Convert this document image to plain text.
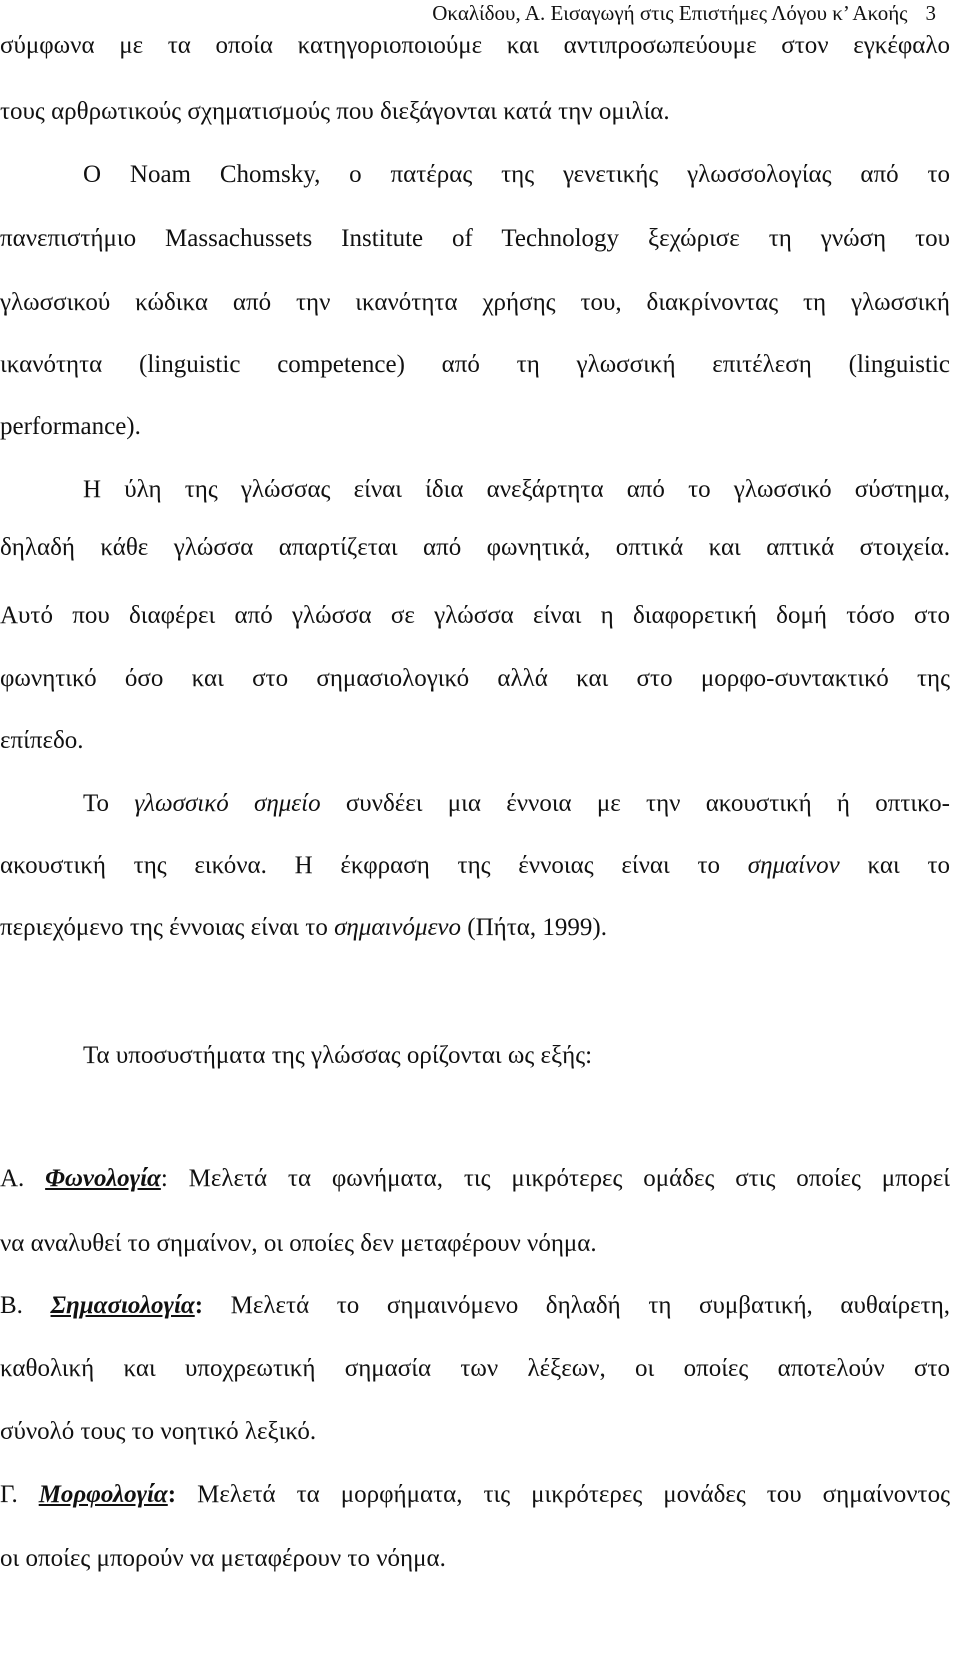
Οκαλίδου, Α. Εισαγωγή στις Επιστήμες Λόγου κ’ Ακοής 3
σύμφωνα με τα οποία κατηγοριοποιούμε και αντιπροσωπεύουμε στον εγκέφαλο
τους αρθρωτικούς σχηματισμούς που διεξάγονται κατά την ομιλία.
Ο Noam Chomsky, ο πατέρας της γενετικής γλωσσολογίας από το
πανεπιστήμιο Massachussets Institute of Technology ξεχώρισε τη γνώση του
γλωσσικού κώδικα από την ικανότητα χρήσης του, διακρίνοντας τη γλωσσική
ικανότητα (linguistic competence) από τη γλωσσική επιτέλεση (linguistic
performance).
Η ύλη της γλώσσας είναι ίδια ανεξάρτητα από το γλωσσικό σύστημα,
δηλαδή κάθε γλώσσα απαρτίζεται από φωνητικά, οπτικά και απτικά στοιχεία.
Αυτό που διαφέρει από γλώσσα σε γλώσσα είναι η διαφορετική δομή τόσο στο
φωνητικό όσο και στο σημασιολογικό αλλά και στο μορφο-συντακτικό της
επίπεδο.
Το γλωσσικό σημείο συνδέει μια έννοια με την ακουστική ή οπτικο-
ακουστική της εικόνα. Η έκφραση της έννοιας είναι το σημαίνον και το
περιεχόμενο της έννοιας είναι το σημαινόμενο (Πήτα, 1999).
Τα υποσυστήματα της γλώσσας ορίζονται ως εξής:
Α. Φωνολογία: Μελετά τα φωνήματα, τις μικρότερες ομάδες στις οποίες μπορεί
να αναλυθεί το σημαίνον, οι οποίες δεν μεταφέρουν νόημα.
Β. Σημασιολογία: Μελετά το σημαινόμενο δηλαδή τη συμβατική, αυθαίρετη,
καθολική και υποχρεωτική σημασία των λέξεων, οι οποίες αποτελούν στο
σύνολό τους το νοητικό λεξικό.
Γ. Μορφολογία: Μελετά τα μορφήματα, τις μικρότερες μονάδες του σημαίνοντος
οι οποίες μπορούν να μεταφέρουν το νόημα.
